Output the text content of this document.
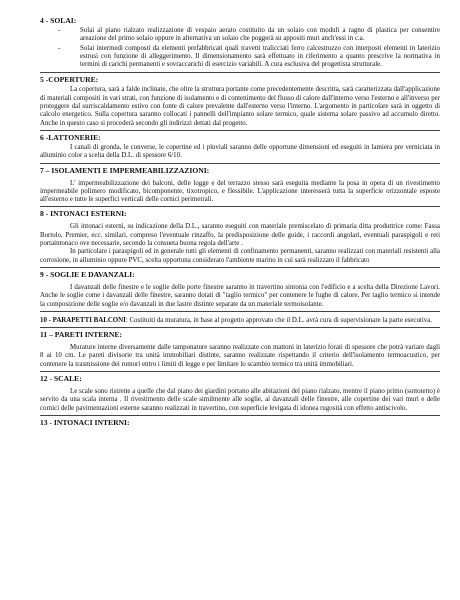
4 - SOLAI:
- Solai al piano rialzato realizzazione di vespaio aerato costituito da un solaio con moduli a ragno di plastica per consentire areazione del primo solaio oppure in alternativa un solaio che poggerà su appositi muri anch'essi in c.a.
- Solai intermedi composti da elementi prefabbricati quali travetti tralicciati ferro calcestruzzo con interposti elementi in laterizio estrusi con funzione di alleggerimento. Il dimensionamento sarà effettuato in riferimento a quanto prescrive la normativa in termini di carichi permanenti e sovraccarichi di esercizio variabili. A cura esclusiva del progettista strutturale.
5 -COPERTURE:

La copertura, sarà a falde inclinate, che oltre la struttura portante come precedentemente descritta, sarà caratterizzata dall'applicazione di materiali compositi in vari strati, con funzione di isolamento e di contenimento del flusso di calore dall'interno verso l'esterno e all'inverso per proteggere dal surriscaldamento estivo con fonte di calore prevalente dall'esterno verso l'interno. L'argomento in particolare sarà in oggetto di calcolo energetico. Sulla copertura saranno collocati i pannelli dell'impianto solare termico, quale sistema solare passivo ad accumulo diretto. Anche in questo caso si procederà secondo gli indirizzi dettati dal progetto.

6 -LATTONERIE:

I canali di gronda, le converse, le copertine ed i pluviali saranno delle opportune dimensioni ed eseguiti in lamiera pre verniciata in alluminio color a scelta della D.L. di spessore 6/10.

7 – ISOLAMENTI E IMPERMEABILIZZAZIONI:

L' impermeabilizzazione dei balconi, delle logge e del terrazzo stesso sarà eseguita mediante la posa in opera di un rivestimento impermeabile polimero modificato, bicomponente, tixotropico, e flessibile. L'applicazione interesserà tutta la superficie orizzontale esposte all'esterno e tutte le superfici verticali delle cornici perimetrali.

8 - INTONACI ESTERNI:

Gli intonaci esterni, su indicazione della D.L., saranno eseguiti con materiale premiscelato di primaria ditta produttrice come: Fassa Bortolo, Premier, ecc. similari, compreso l'eventuale rinzaffo, la predisposizione delle guide, i raccordi angolari, eventuali paraspigoli e reti portaintonaco ove necessarie, secondo la consueta buona regola dell'arte .

In particolare i paraspigoli ed in generale tutti gli elementi di confinamento permanenti, saranno realizzati con materiali resistenti alla corrosione, in alluminio oppure PVC, scelta opportuna considerato l'ambiente marino in cui sarà realizzato il fabbricato

9 - SOGLIE E DAVANZALI:

I davanzali delle finestre e le soglie delle porte finestre saranno in travertino sintonia con l'edificio e a scelta della Direzione Lavori. Anche le soglie come i davanzali delle finestre, saranno dotati di "taglio termico" per contenere le fughe di calore. Per taglio termico si intende la composizione delle soglie e/o davanzali in due lastre distinte separate da un materiale termoisolante.

10 - PARAPETTI BALCONI: Costituiti da muratura, in base al progetto approvato che il D.L. avrà cura di supervisionare la parte esecutiva.

11 – PARETI INTERNE:

Murature interne diversamente dalle tamponature saranno realizzate con mattoni in laterizio forati di spessore che potrà variare dagli 8 ai 10 cm. Le pareti divisorie tra unità immobiliari distinte, saranno realizzate rispettando il criterio dell'isolamento termoacustico, per contenere la trasmissione dei rumori entro i limiti di legge e per limitare lo scambio termico tra unità immobiliari.

12 - SCALE:

Le scale sono ristrette a quelle che dal piano dei giardini portano alle abitazioni del piano rialzato, mentre il piano primo (sottotetto) è servito da una scala interna . Il rivestimento delle scale similmente alle soglie, ai davanzali delle finestre, alle copertine dei vari muri e delle cornici delle pavimentazioni esterne saranno realizzati in travertino, con superficie levigata di idonea rugosità con effetto antiscivolo.

13 - INTONACI INTERNI:
